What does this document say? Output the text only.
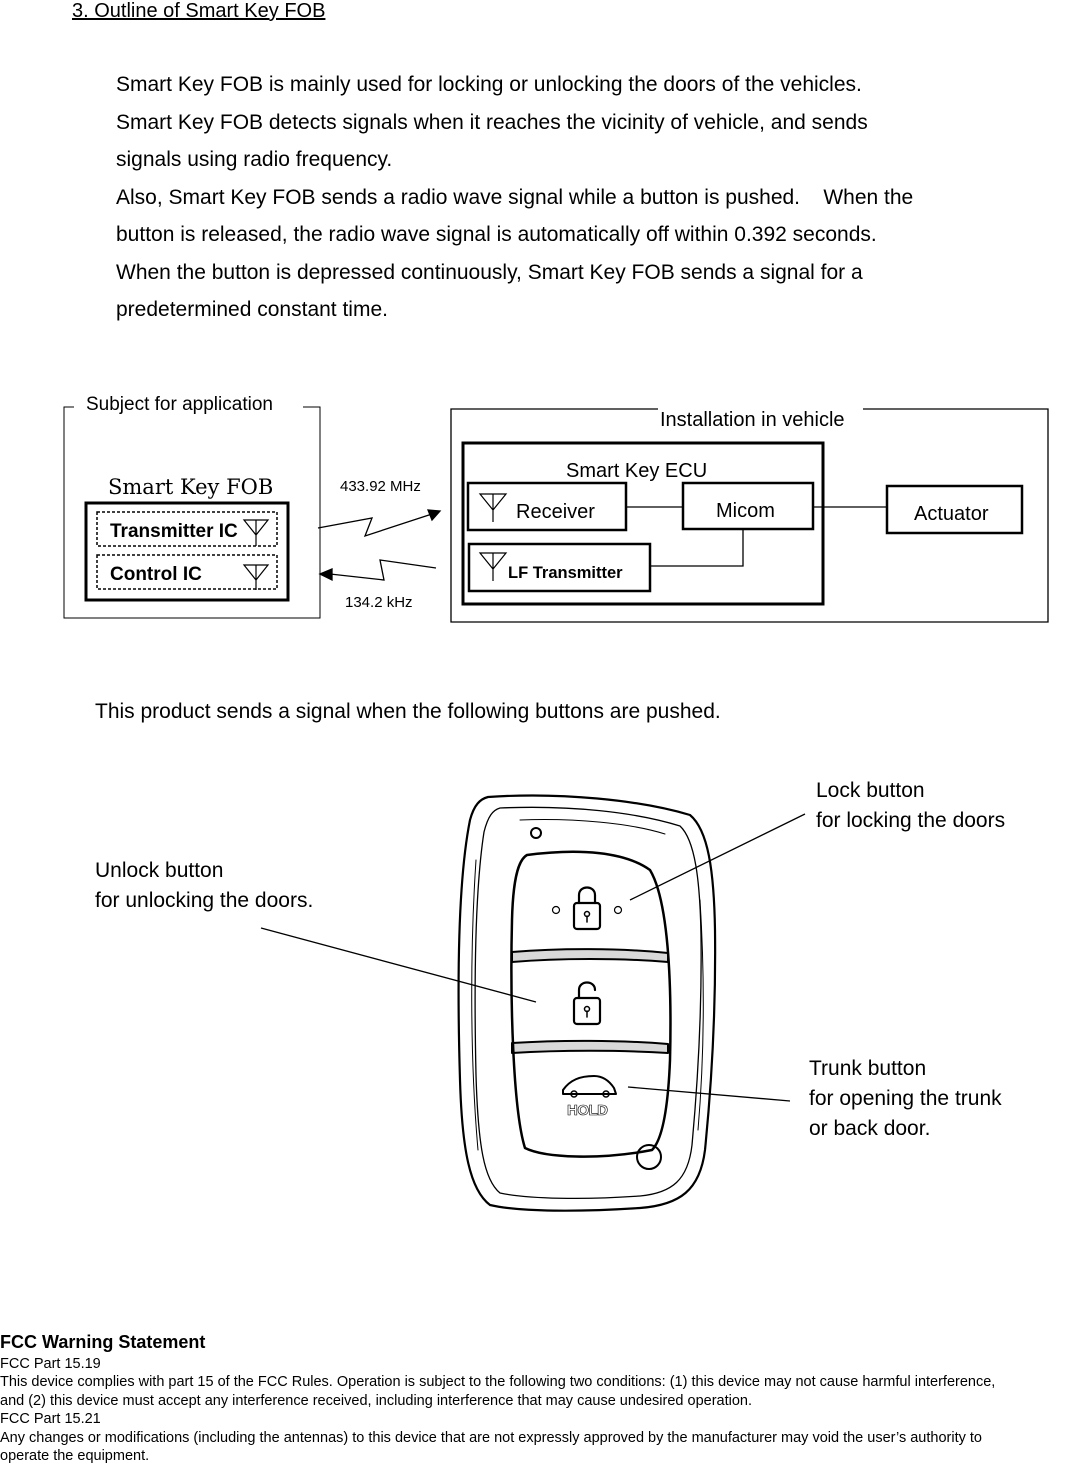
3. Outline of Smart Key FOB
Smart Key FOB is mainly used for locking or unlocking the doors of the vehicles.
Smart Key FOB detects signals when it reaches the vicinity of vehicle, and sends
signals using radio frequency.
Also, Smart Key FOB sends a radio wave signal while a button is pushed.    When the
button is released, the radio wave signal is automatically off within 0.392 seconds.
When the button is depressed continuously, Smart Key FOB sends a signal for a
predetermined constant time.
Subject for application
Smart Key FOB
Transmitter IC
Control IC
433.92 MHz
134.2 kHz
Installation in vehicle
Smart Key ECU
Receiver	Micom
LF Transmitter
Actuator
This product sends a signal when the following buttons are pushed.
Lock button
for locking the doors
Unlock button
for unlocking the doors.
Trunk button
for opening the trunk
or back door.
HOLD
FCC Warning Statement
FCC Part 15.19
This device complies with part 15 of the FCC Rules. Operation is subject to the following two conditions: (1) this device may not cause harmful interference,
and (2) this device must accept any interference received, including interference that may cause undesired operation.
FCC Part 15.21
Any changes or modifications (including the antennas) to this device that are not expressly approved by the manufacturer may void the user’s authority to
operate the equipment.
